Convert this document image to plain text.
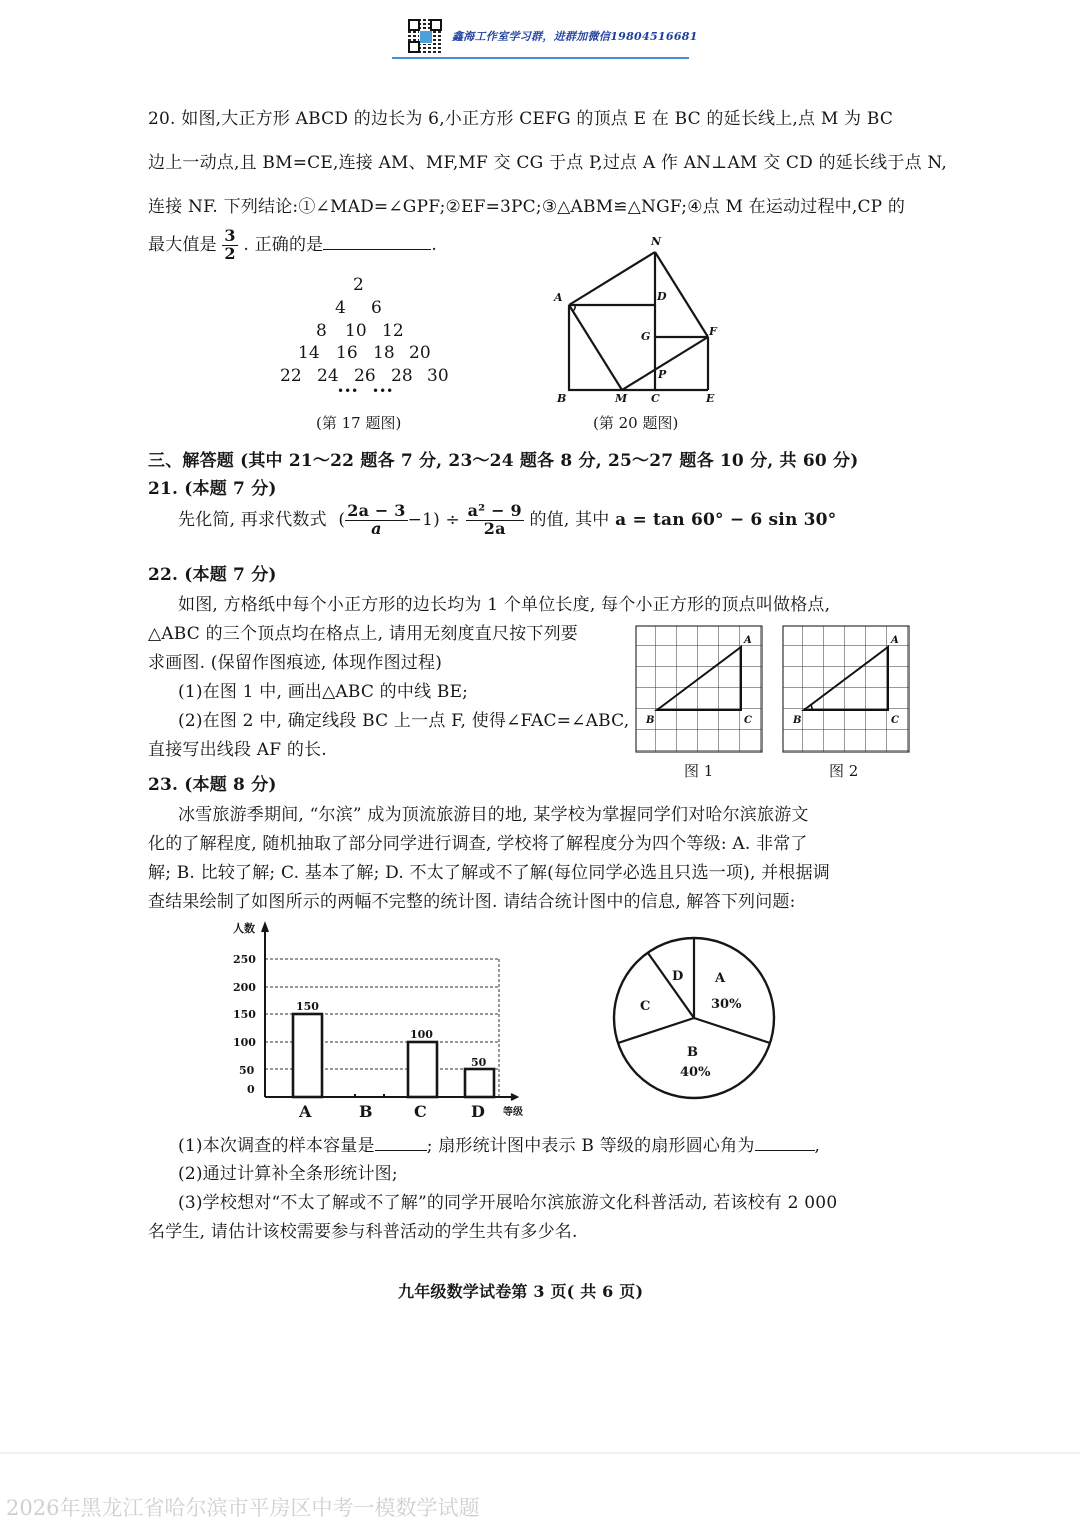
鑫海工作室学习群，进群加微信19804516681
20. 如图,大正方形 ABCD 的边长为 6,小正方形 CEFG 的顶点 E 在 BC 的延长线上,点 M 为 BC
边上一动点,且 BM=CE,连接 AM、MF,MF 交 CG 于点 P,过点 A 作 AN⊥AM 交 CD 的延长线于点 N,
连接 NF. 下列结论:①∠MAD=∠GPF;②EF=3PC;③△ABM≌△NGF;④点 M 在运动过程中,CP 的
最大值是 $\frac{3}{2}$ . 正确的是	.
2
4 6
8 10 12
14 16 18 20
22 24 26 28 30
••• •••
(第 17 题图)
N
A	D
G	F
P
B	M C	E
(第 20 题图)
三、解答题 (其中 21～22 题各 7 分, 23～24 题各 8 分, 25～27 题各 10 分, 共 60 分)
21. (本题 7 分)
先化简, 再求代数式 ( $\frac{2a - 3}{a} -1) \div \frac{\text{a² − 9}}{2a}$ 的值, 其中 a = tan 60° − 6 sin 30°
22. (本题 7 分)
如图, 方格纸中每个小正方形的边长均为 1 个单位长度, 每个小正方形的顶点叫做格点,
△ABC 的三个顶点均在格点上, 请用无刻度直尺按下列要
求画图. (保留作图痕迹, 体现作图过程)
(1)在图 1 中, 画出△ABC 的中线 BE;
(2)在图 2 中, 确定线段 BC 上一点 F, 使得∠FAC=∠ABC,
直接写出线段 AF 的长.
A
B	C
A
B	C
图 1	图 2
23. (本题 8 分)
冰雪旅游季期间, “尔滨” 成为顶流旅游目的地, 某学校为掌握同学们对哈尔滨旅游文
化的了解程度, 随机抽取了部分同学进行调查, 学校将了解程度分为四个等级: A. 非常了
解; B. 比较了解; C. 基本了解; D. 不太了解或不了解(每位同学必选且只选一项), 并根据调
查结果绘制了如图所示的两幅不完整的统计图. 请结合统计图中的信息, 解答下列问题:
人数
250
200
150
100
50
0
150
100
50
A	B	C	D 等级
A
30%
B
40%
C
D
(1)本次调查的样本容量是	; 扇形统计图中表示 B 等级的扇形圆心角为	,
(2)通过计算补全条形统计图;
(3)学校想对“不太了解或不了解”的同学开展哈尔滨旅游文化科普活动, 若该校有 2 000
名学生, 请估计该校需要参与科普活动的学生共有多少名.
九年级数学试卷第 3 页( 共 6 页)
2026年黑龙江省哈尔滨市平房区中考一模数学试题
